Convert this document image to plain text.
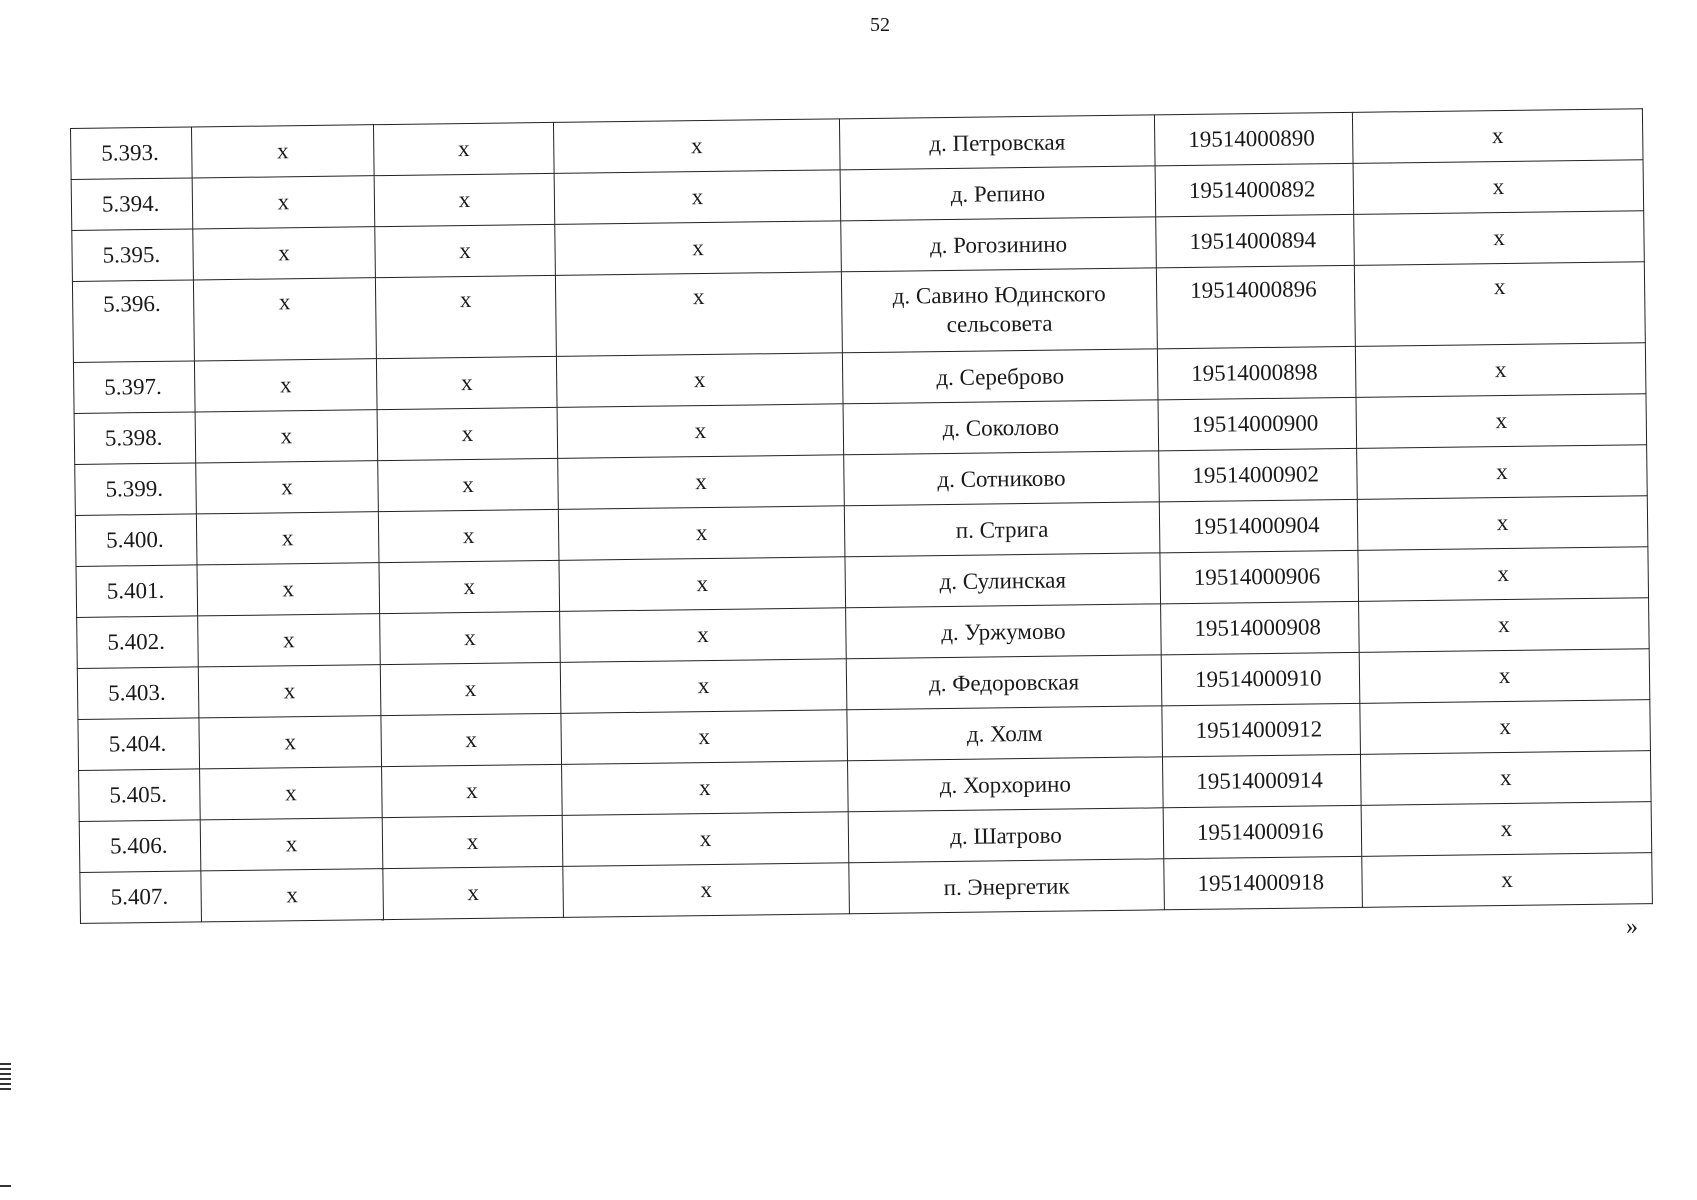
52
5.393.	х	х	х	д. Петровская	19514000890	х
5.394.	х	х	х	д. Репино	19514000892	х
5.395.	х	х	х	д. Рогозинино	19514000894	х
5.396.	х	х	х	д. Савино Юдинского сельсовета	19514000896	х
5.397.	х	х	х	д. Сереброво	19514000898	х
5.398.	х	х	х	д. Соколово	19514000900	х
5.399.	х	х	х	д. Сотниково	19514000902	х
5.400.	х	х	х	п. Стрига	19514000904	х
5.401.	х	х	х	д. Сулинская	19514000906	х
5.402.	х	х	х	д. Уржумово	19514000908	х
5.403.	х	х	х	д. Федоровская	19514000910	х
5.404.	х	х	х	д. Холм	19514000912	х
5.405.	х	х	х	д. Хорхорино	19514000914	х
5.406.	х	х	х	д. Шатрово	19514000916	х
5.407.	х	х	х	п. Энергетик	19514000918	х
»
